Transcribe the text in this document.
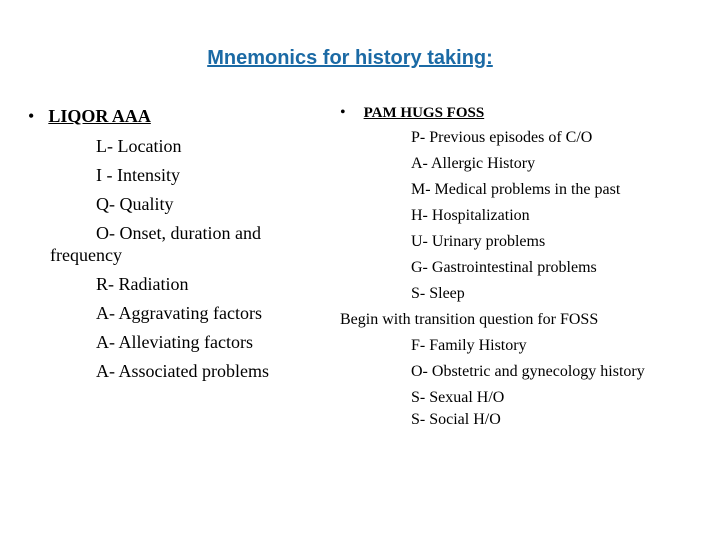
Mnemonics for history taking:
• LIQOR AAA
L- Location
I - Intensity
Q- Quality
O- Onset, duration and frequency
R- Radiation
A- Aggravating factors
A- Alleviating factors
A- Associated problems
• PAM HUGS FOSS
P- Previous episodes of C/O
A- Allergic History
M- Medical problems in the past
H- Hospitalization
U- Urinary problems
G- Gastrointestinal problems
S- Sleep
Begin with transition question for FOSS
F- Family History
O- Obstetric and gynecology history
S- Sexual H/O
S- Social H/O
